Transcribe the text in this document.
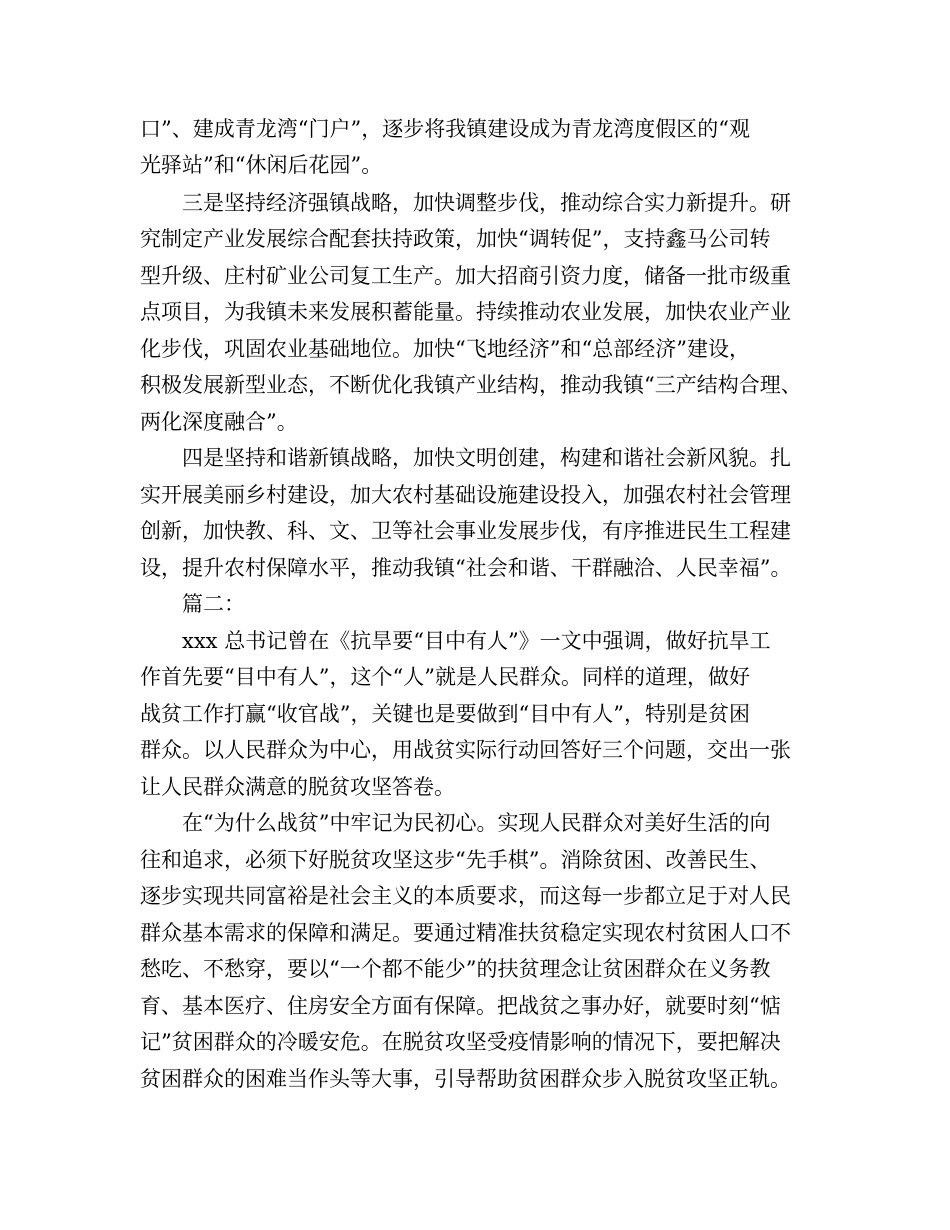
口”、建成青龙湾“门户”，逐步将我镇建设成为青龙湾度假区的“观
光驿站”和“休闲后花园”。
三是坚持经济强镇战略，加快调整步伐，推动综合实力新提升。研
究制定产业发展综合配套扶持政策，加快“调转促”，支持鑫马公司转
型升级、庄村矿业公司复工生产。加大招商引资力度，储备一批市级重
点项目，为我镇未来发展积蓄能量。持续推动农业发展，加快农业产业
化步伐，巩固农业基础地位。加快“飞地经济”和“总部经济”建设，
积极发展新型业态，不断优化我镇产业结构，推动我镇“三产结构合理、
两化深度融合”。
四是坚持和谐新镇战略，加快文明创建，构建和谐社会新风貌。扎
实开展美丽乡村建设，加大农村基础设施建设投入，加强农村社会管理
创新，加快教、科、文、卫等社会事业发展步伐，有序推进民生工程建
设，提升农村保障水平，推动我镇“社会和谐、干群融洽、人民幸福”。
篇二：
xxx 总书记曾在《抗旱要“目中有人”》一文中强调，做好抗旱工
作首先要“目中有人”，这个“人”就是人民群众。同样的道理，做好
战贫工作打赢“收官战”，关键也是要做到“目中有人”，特别是贫困
群众。以人民群众为中心，用战贫实际行动回答好三个问题，交出一张
让人民群众满意的脱贫攻坚答卷。
在“为什么战贫”中牢记为民初心。实现人民群众对美好生活的向
往和追求，必须下好脱贫攻坚这步“先手棋”。消除贫困、改善民生、
逐步实现共同富裕是社会主义的本质要求，而这每一步都立足于对人民
群众基本需求的保障和满足。要通过精准扶贫稳定实现农村贫困人口不
愁吃、不愁穿，要以“一个都不能少”的扶贫理念让贫困群众在义务教
育、基本医疗、住房安全方面有保障。把战贫之事办好，就要时刻“惦
记”贫困群众的冷暖安危。在脱贫攻坚受疫情影响的情况下，要把解决
贫困群众的困难当作头等大事，引导帮助贫困群众步入脱贫攻坚正轨。
